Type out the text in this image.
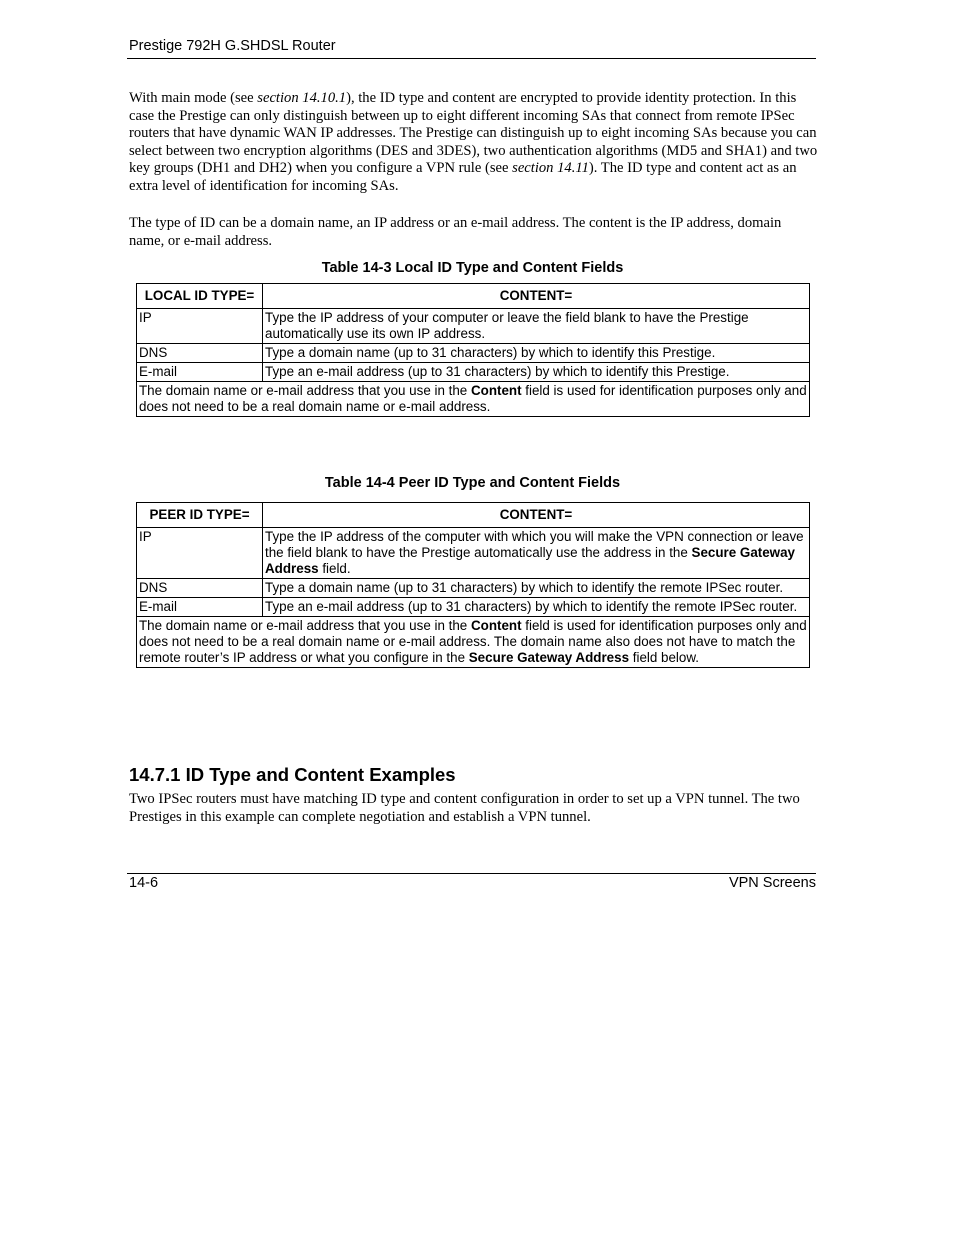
Prestige 792H G.SHDSL Router

With main mode (see section 14.10.1), the ID type and content are encrypted to provide identity protection. In this case the Prestige can only distinguish between up to eight different incoming SAs that connect from remote IPSec routers that have dynamic WAN IP addresses. The Prestige can distinguish up to eight incoming SAs because you can select between two encryption algorithms (DES and 3DES), two authentication algorithms (MD5 and SHA1) and two key groups (DH1 and DH2) when you configure a VPN rule (see section 14.11). The ID type and content act as an extra level of identification for incoming SAs.

The type of ID can be a domain name, an IP address or an e-mail address. The content is the IP address, domain name, or e-mail address.

Table 14-3 Local ID Type and Content Fields
LOCAL ID TYPE=	CONTENT=
IP	Type the IP address of your computer or leave the field blank to have the Prestige automatically use its own IP address.
DNS	Type a domain name (up to 31 characters) by which to identify this Prestige.
E-mail	Type an e-mail address (up to 31 characters) by which to identify this Prestige.
The domain name or e-mail address that you use in the Content field is used for identification purposes only and does not need to be a real domain name or e-mail address.	
Table 14-4 Peer ID Type and Content Fields
PEER ID TYPE=	CONTENT=
IP	Type the IP address of the computer with which you will make the VPN connection or leave the field blank to have the Prestige automatically use the address in the Secure Gateway Address field.
DNS	Type a domain name (up to 31 characters) by which to identify the remote IPSec router.
E-mail	Type an e-mail address (up to 31 characters) by which to identify the remote IPSec router.
The domain name or e-mail address that you use in the Content field is used for identification purposes only and does not need to be a real domain name or e-mail address. The domain name also does not have to match the remote router’s IP address or what you configure in the Secure Gateway Address field below.	
14.7.1 ID Type and Content Examples

Two IPSec routers must have matching ID type and content configuration in order to set up a VPN tunnel. The two Prestiges in this example can complete negotiation and establish a VPN tunnel.

14-6	VPN Screens
